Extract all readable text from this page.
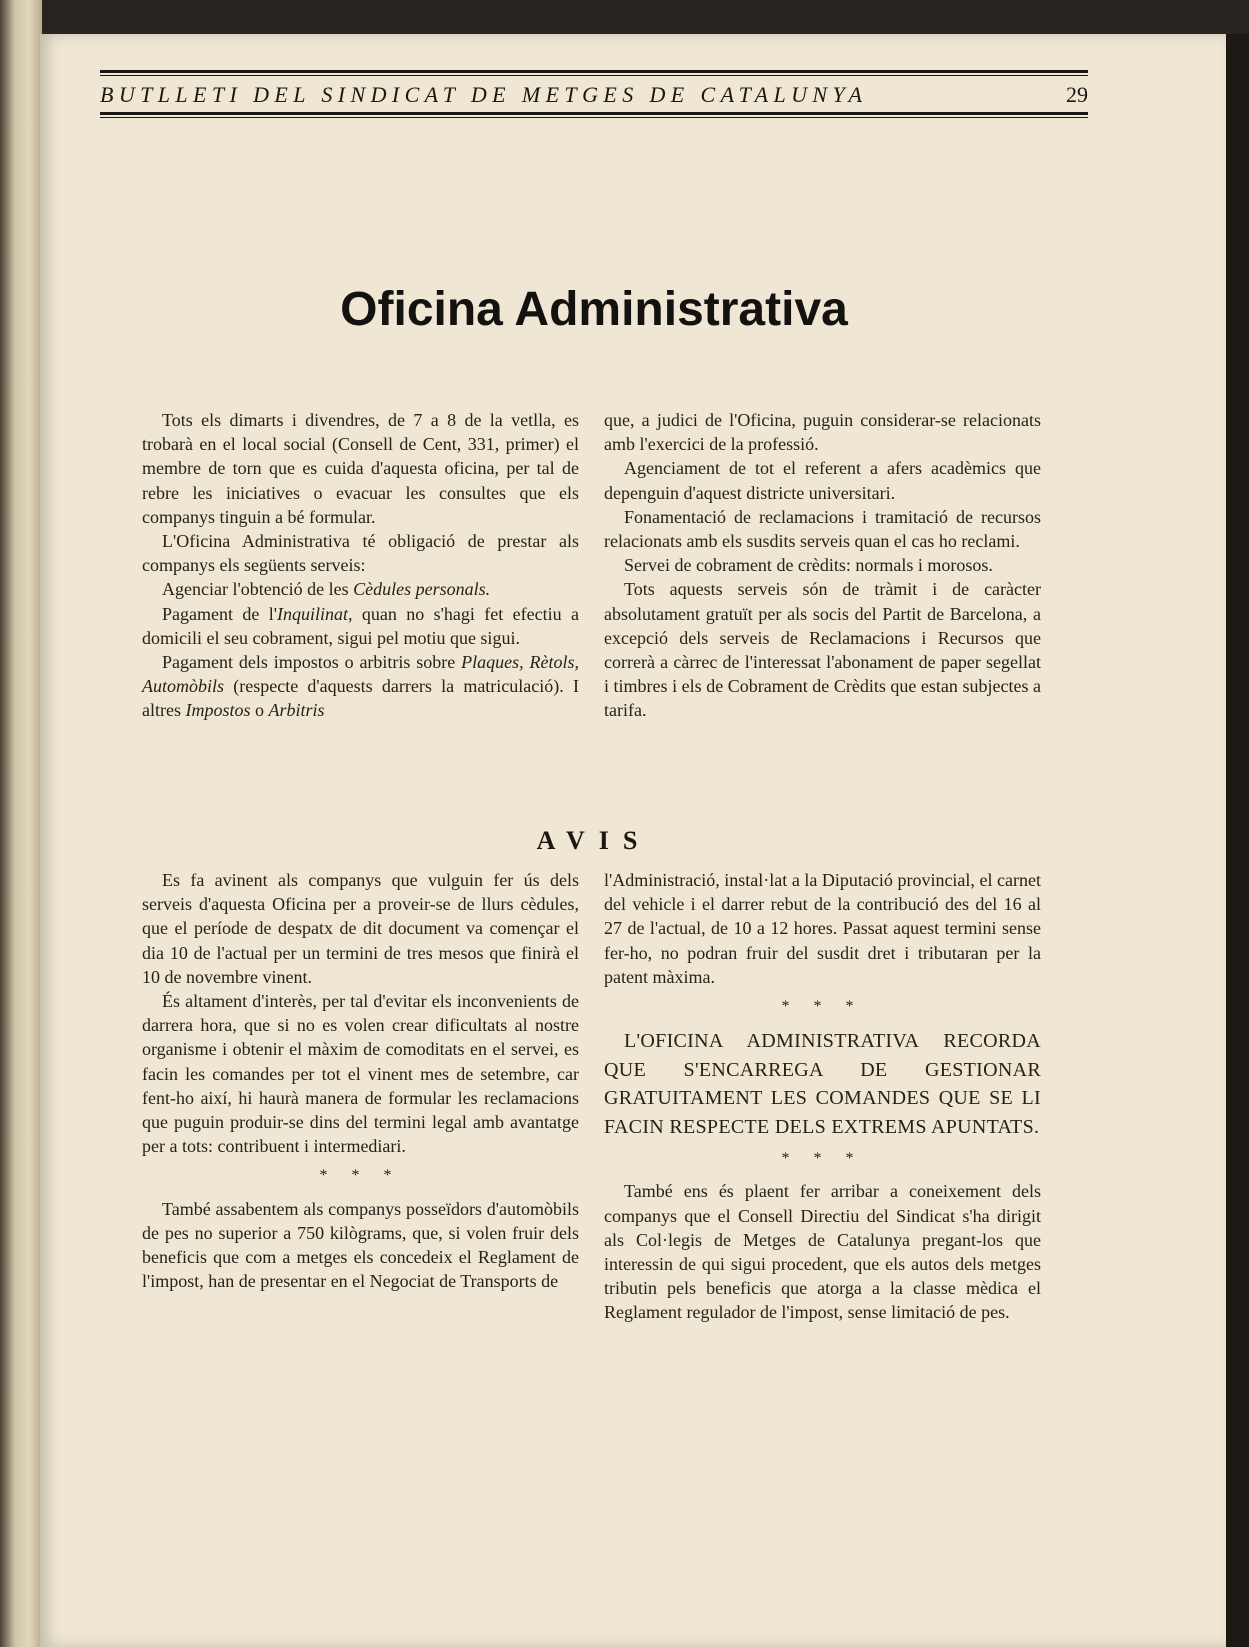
BUTLLETI DEL SINDICAT DE METGES DE CATALUNYA	29
Oficina Administrativa

Tots els dimarts i divendres, de 7 a 8 de la vetlla, es trobarà en el local social (Consell de Cent, 331, primer) el membre de torn que es cuida d'aquesta oficina, per tal de rebre les iniciatives o evacuar les consultes que els companys tinguin a bé formular.

L'Oficina Administrativa té obligació de prestar als companys els següents serveis:

Agenciar l'obtenció de les Cèdules personals.

Pagament de l'Inquilinat, quan no s'hagi fet efectiu a domicili el seu cobrament, sigui pel motiu que sigui.

Pagament dels impostos o arbitris sobre Plaques, Rètols, Automòbils (respecte d'aquests darrers la matriculació). I altres Impostos o Arbitris

que, a judici de l'Oficina, puguin considerar-se relacionats amb l'exercici de la professió.

Agenciament de tot el referent a afers acadèmics que depenguin d'aquest districte universitari.

Fonamentació de reclamacions i tramitació de recursos relacionats amb els susdits serveis quan el cas ho reclami.

Servei de cobrament de crèdits: normals i morosos.

Tots aquests serveis són de tràmit i de caràcter absolutament gratuït per als socis del Partit de Barcelona, a excepció dels serveis de Reclamacions i Recursos que correrà a càrrec de l'interessat l'abonament de paper segellat i timbres i els de Cobrament de Crèdits que estan subjectes a tarifa.

AVIS

Es fa avinent als companys que vulguin fer ús dels serveis d'aquesta Oficina per a proveir-se de llurs cèdules, que el període de despatx de dit document va començar el dia 10 de l'actual per un termini de tres mesos que finirà el 10 de novembre vinent.

És altament d'interès, per tal d'evitar els inconvenients de darrera hora, que si no es volen crear dificultats al nostre organisme i obtenir el màxim de comoditats en el servei, es facin les comandes per tot el vinent mes de setembre, car fent-ho així, hi haurà manera de formular les reclamacions que puguin produir-se dins del termini legal amb avantatge per a tots: contribuent i intermediari.

* * *

També assabentem als companys posseïdors d'automòbils de pes no superior a 750 kilògrams, que, si volen fruir dels beneficis que com a metges els concedeix el Reglament de l'impost, han de presentar en el Negociat de Transports de

l'Administració, instal·lat a la Diputació provincial, el carnet del vehicle i el darrer rebut de la contribució des del 16 al 27 de l'actual, de 10 a 12 hores. Passat aquest termini sense fer-ho, no podran fruir del susdit dret i tributaran per la patent màxima.

* * *

L'OFICINA ADMINISTRATIVA RECORDA QUE S'ENCARREGA DE GESTIONAR GRATUITAMENT LES COMANDES QUE SE LI FACIN RESPECTE DELS EXTREMS APUNTATS.

* * *

També ens és plaent fer arribar a coneixement dels companys que el Consell Directiu del Sindicat s'ha dirigit als Col·legis de Metges de Catalunya pregant-los que interessin de qui sigui procedent, que els autos dels metges tributin pels beneficis que atorga a la classe mèdica el Reglament regulador de l'impost, sense limitació de pes.
